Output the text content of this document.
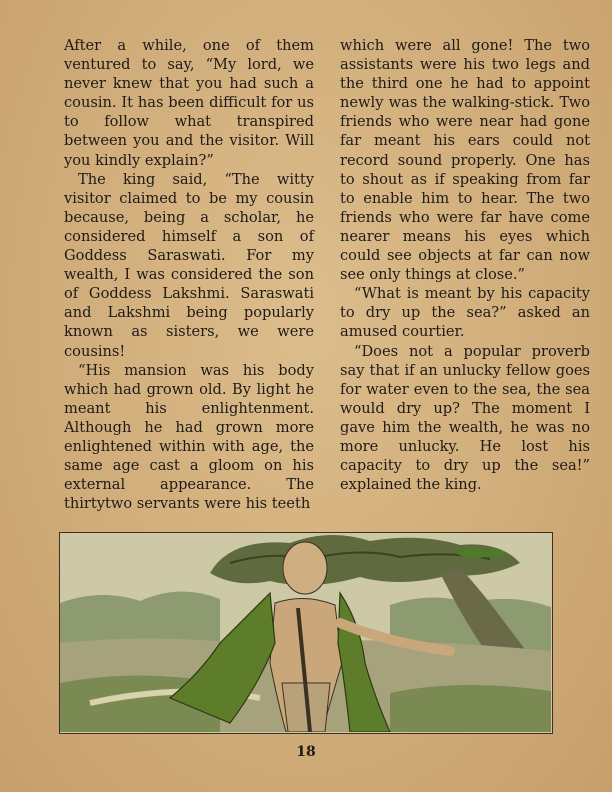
After a while, one of them ventured to say, “My lord, we never knew that you had such a cousin. It has been difficult for us to follow what transpired between you and the visitor. Will you kindly explain?”

The king said, “The witty visitor claimed to be my cousin because, being a scholar, he considered himself a son of Goddess Saraswati. For my wealth, I was considered the son of Goddess Lakshmi. Saraswati and Lakshmi being popularly known as sisters, we were cousins!

“His mansion was his body which had grown old. By light he meant his enlightenment. Although he had grown more enlightened within with age, the same age cast a gloom on his external appearance. The thirtytwo servants were his teeth

which were all gone! The two assistants were his two legs and the third one he had to appoint newly was the walking-stick. Two friends who were near had gone far meant his ears could not record sound properly. One has to shout as if speaking from far to enable him to hear. The two friends who were far have come nearer means his eyes which could see objects at far can now see only things at close.”

“What is meant by his capacity to dry up the sea?” asked an amused courtier.

“Does not a popular proverb say that if an unlucky fellow goes for water even to the sea, the sea would dry up? The moment I gave him the wealth, he was no more unlucky. He lost his capacity to dry up the sea!” explained the king.

18
